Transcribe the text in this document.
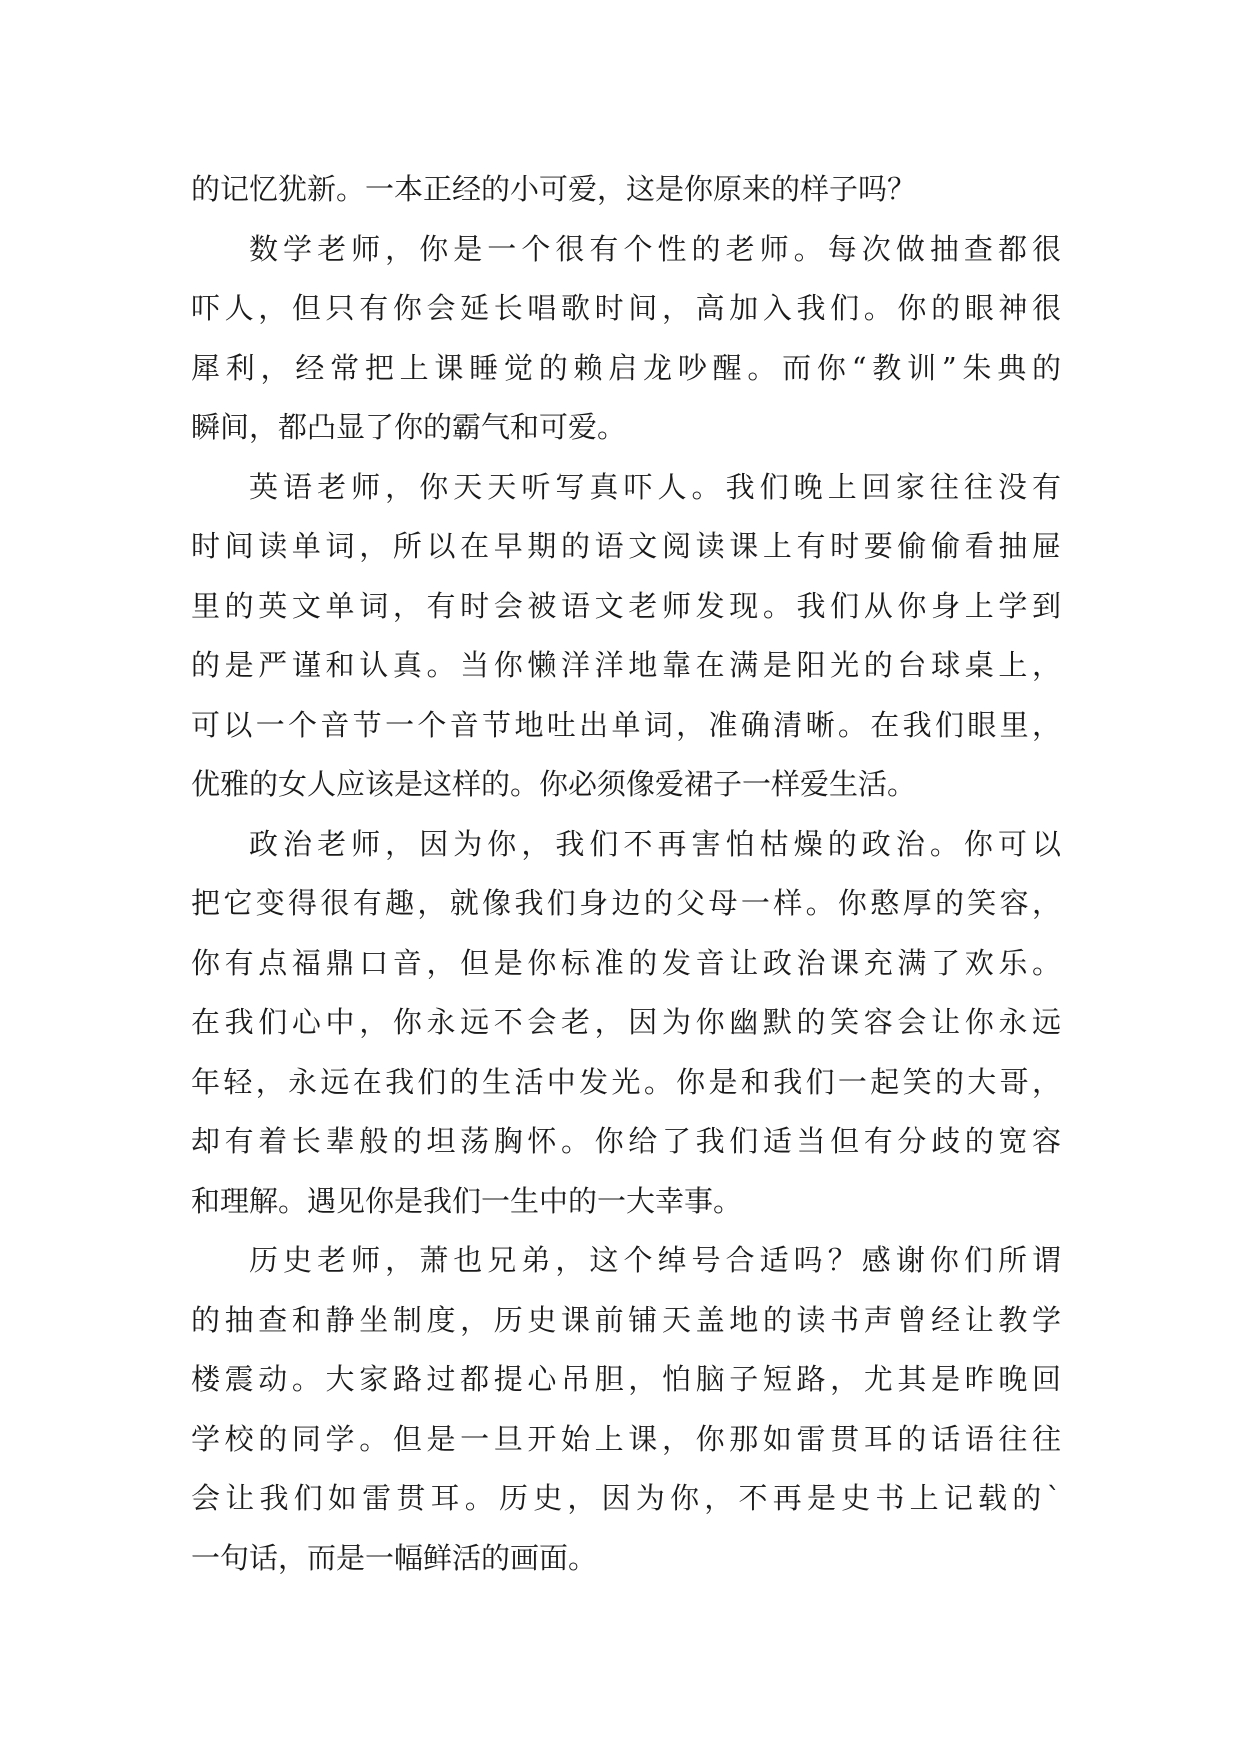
的记忆犹新。一本正经的小可爱，这是你原来的样子吗？
数学老师，你是一个很有个性的老师。每次做抽查都很
吓人，但只有你会延长唱歌时间，高加入我们。你的眼神很
犀利，经常把上课睡觉的赖启龙吵醒。而你“教训”朱典的
瞬间，都凸显了你的霸气和可爱。
英语老师，你天天听写真吓人。我们晚上回家往往没有
时间读单词，所以在早期的语文阅读课上有时要偷偷看抽屉
里的英文单词，有时会被语文老师发现。我们从你身上学到
的是严谨和认真。当你懒洋洋地靠在满是阳光的台球桌上，
可以一个音节一个音节地吐出单词，准确清晰。在我们眼里，
优雅的女人应该是这样的。你必须像爱裙子一样爱生活。
政治老师，因为你，我们不再害怕枯燥的政治。你可以
把它变得很有趣，就像我们身边的父母一样。你憨厚的笑容，
你有点福鼎口音，但是你标准的发音让政治课充满了欢乐。
在我们心中，你永远不会老，因为你幽默的笑容会让你永远
年轻，永远在我们的生活中发光。你是和我们一起笑的大哥，
却有着长辈般的坦荡胸怀。你给了我们适当但有分歧的宽容
和理解。遇见你是我们一生中的一大幸事。
历史老师，萧也兄弟，这个绰号合适吗？感谢你们所谓
的抽查和静坐制度，历史课前铺天盖地的读书声曾经让教学
楼震动。大家路过都提心吊胆，怕脑子短路，尤其是昨晚回
学校的同学。但是一旦开始上课，你那如雷贯耳的话语往往
会让我们如雷贯耳。历史，因为你，不再是史书上记载的`
一句话，而是一幅鲜活的画面。
